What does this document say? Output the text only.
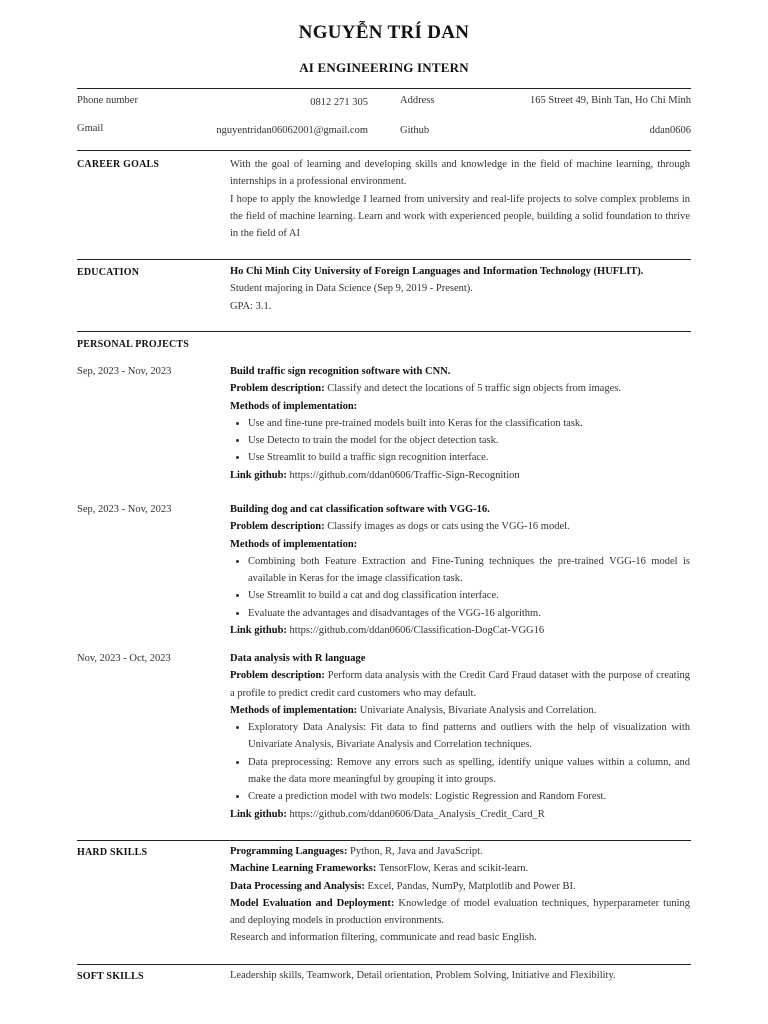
NGUYỄN TRÍ DAN
AI ENGINEERING INTERN
Phone number	0812 271 305	Address	165 Street 49, Binh Tan, Ho Chi Minh
Gmail	nguyentridan06062001@gmail.com	Github	ddan0606
CAREER GOALS	With the goal of learning and developing skills and knowledge in the field of machine learning, through internships in a professional environment.

I hope to apply the knowledge I learned from university and real-life projects to solve complex problems in the field of machine learning. Learn and work with experienced people, building a solid foundation to thrive in the field of AI

EDUCATION	Ho Chi Minh City University of Foreign Languages and Information Technology (HUFLIT).

Student majoring in Data Science (Sep 9, 2019 - Present).

GPA: 3.1.

PERSONAL PROJECTS
Sep, 2023 - Nov, 2023	Build traffic sign recognition software with CNN.

Problem description: Classify and detect the locations of 5 traffic sign objects from images.

Methods of implementation:

• Use and fine-tune pre-trained models built into Keras for the classification task.
• Use Detecto to train the model for the object detection task.
• Use Streamlit to build a traffic sign recognition interface.

Link github: https://github.com/ddan0606/Traffic-Sign-Recognition

Sep, 2023 - Nov, 2023	Building dog and cat classification software with VGG-16.

Problem description: Classify images as dogs or cats using the VGG-16 model.

Methods of implementation:

• Combining both Feature Extraction and Fine-Tuning techniques the pre-trained VGG-16 model is available in Keras for the image classification task.
• Use Streamlit to build a cat and dog classification interface.
• Evaluate the advantages and disadvantages of the VGG-16 algorithm.

Link github: https://github.com/ddan0606/Classification-DogCat-VGG16

Nov, 2023 - Oct, 2023	Data analysis with R language

Problem description: Perform data analysis with the Credit Card Fraud dataset with the purpose of creating a profile to predict credit card customers who may default.

Methods of implementation: Univariate Analysis, Bivariate Analysis and Correlation.

• Exploratory Data Analysis: Fit data to find patterns and outliers with the help of visualization with Univariate Analysis, Bivariate Analysis and Correlation techniques.
• Data preprocessing: Remove any errors such as spelling, identify unique values within a column, and make the data more meaningful by grouping it into groups.
• Create a prediction model with two models: Logistic Regression and Random Forest.

Link github: https://github.com/ddan0606/Data_Analysis_Credit_Card_R

HARD SKILLS	Programming Languages: Python, R, Java and JavaScript.

Machine Learning Frameworks: TensorFlow, Keras and scikit-learn.

Data Processing and Analysis: Excel, Pandas, NumPy, Matplotlib and Power BI.

Model Evaluation and Deployment: Knowledge of model evaluation techniques, hyperparameter tuning and deploying models in production environments.

Research and information filtering, communicate and read basic English.

SOFT SKILLS	Leadership skills, Teamwork, Detail orientation, Problem Solving, Initiative and Flexibility.
